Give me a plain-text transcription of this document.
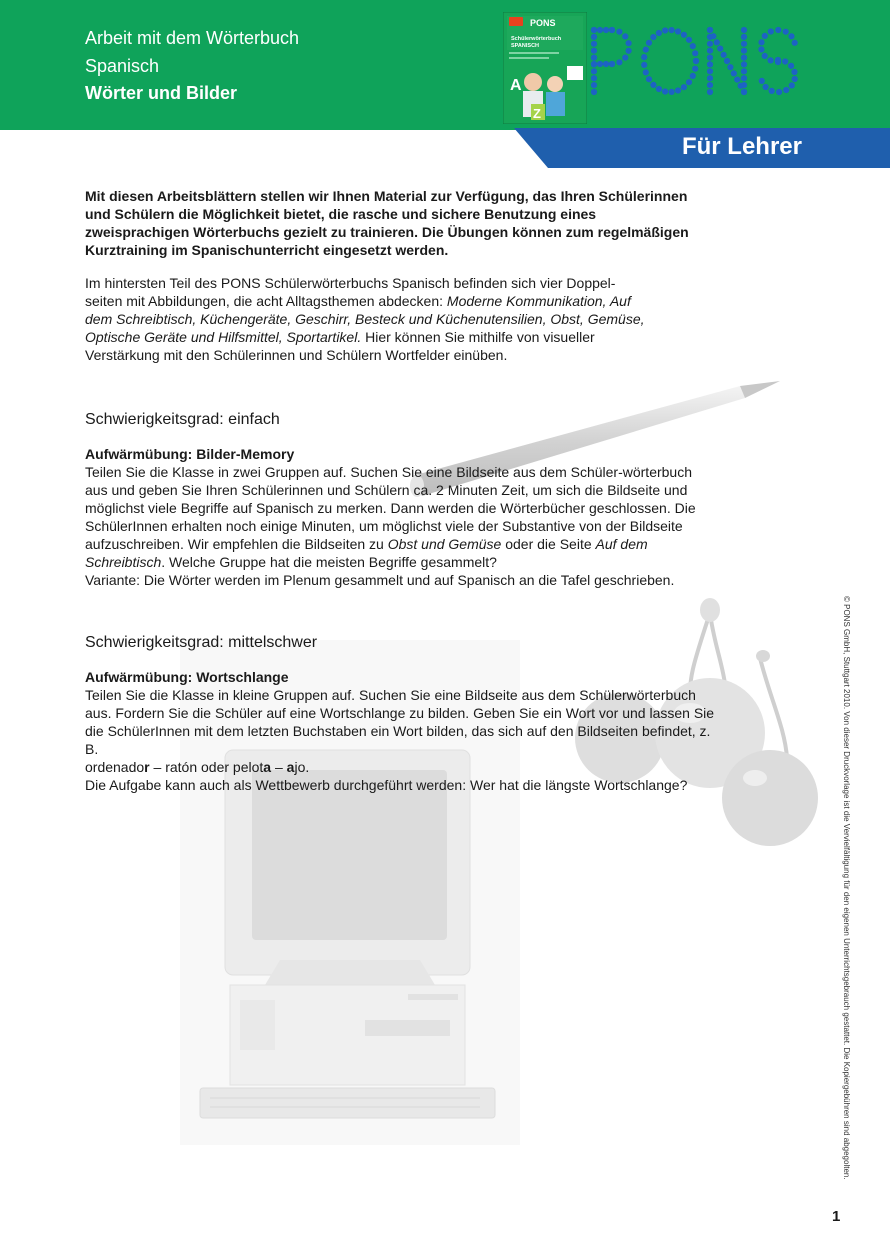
Arbeit mit dem Wörterbuch
Spanisch
Wörter und Bilder
PONS
Schülerwörterbuch
SPANISCH
A
Z
Für Lehrer

Mit diesen Arbeitsblättern stellen wir Ihnen Material zur Verfügung, das Ihren Schülerinnen und Schülern die Möglichkeit bietet, die rasche und sichere Benutzung eines zweisprachigen Wörterbuchs gezielt zu trainieren. Die Übungen können zum regelmäßigen Kurztraining im Spanischunterricht eingesetzt werden.

Im hintersten Teil des PONS Schülerwörterbuchs Spanisch befinden sich vier Doppel-seiten mit Abbildungen, die acht Alltagsthemen abdecken: Moderne Kommunikation, Auf dem Schreibtisch, Küchengeräte, Geschirr, Besteck und Küchenutensilien, Obst, Gemüse, Optische Geräte und Hilfsmittel, Sportartikel. Hier können Sie mithilfe von visueller Verstärkung mit den Schülerinnen und Schülern Wortfelder einüben.

Schwierigkeitsgrad: einfach
Aufwärmübung: Bilder-Memory
Teilen Sie die Klasse in zwei Gruppen auf. Suchen Sie eine Bildseite aus dem Schüler-wörterbuch aus und geben Sie Ihren Schülerinnen und Schülern ca. 2 Minuten Zeit, um sich die Bildseite und möglichst viele Begriffe auf Spanisch zu merken. Dann werden die Wörterbücher geschlossen. Die SchülerInnen erhalten noch einige Minuten, um möglichst viele der Substantive von der Bildseite aufzuschreiben. Wir empfehlen die Bildseiten zu Obst und Gemüse oder die Seite Auf dem Schreibtisch. Welche Gruppe hat die meisten Begriffe gesammelt?
Variante: Die Wörter werden im Plenum gesammelt und auf Spanisch an die Tafel geschrieben.
Schwierigkeitsgrad: mittelschwer
Aufwärmübung: Wortschlange
Teilen Sie die Klasse in kleine Gruppen auf. Suchen Sie eine Bildseite aus dem Schülerwörterbuch aus. Fordern Sie die Schüler auf eine Wortschlange zu bilden. Geben Sie ein Wort vor und lassen Sie die SchülerInnen mit dem letzten Buchstaben ein Wort bilden, das sich auf den Bildseiten befindet, z. B.
ordenador – ratón oder pelota – ajo.
Die Aufgabe kann auch als Wettbewerb durchgeführt werden: Wer hat die längste Wortschlange?	© PONS GmbH, Stuttgart 2010. Von dieser Druckvorlage ist die Vervielfältigung für den eigenen Unterrichtsgebrauch gestattet. Die Kopiergebühren sind abgegolten.
1
